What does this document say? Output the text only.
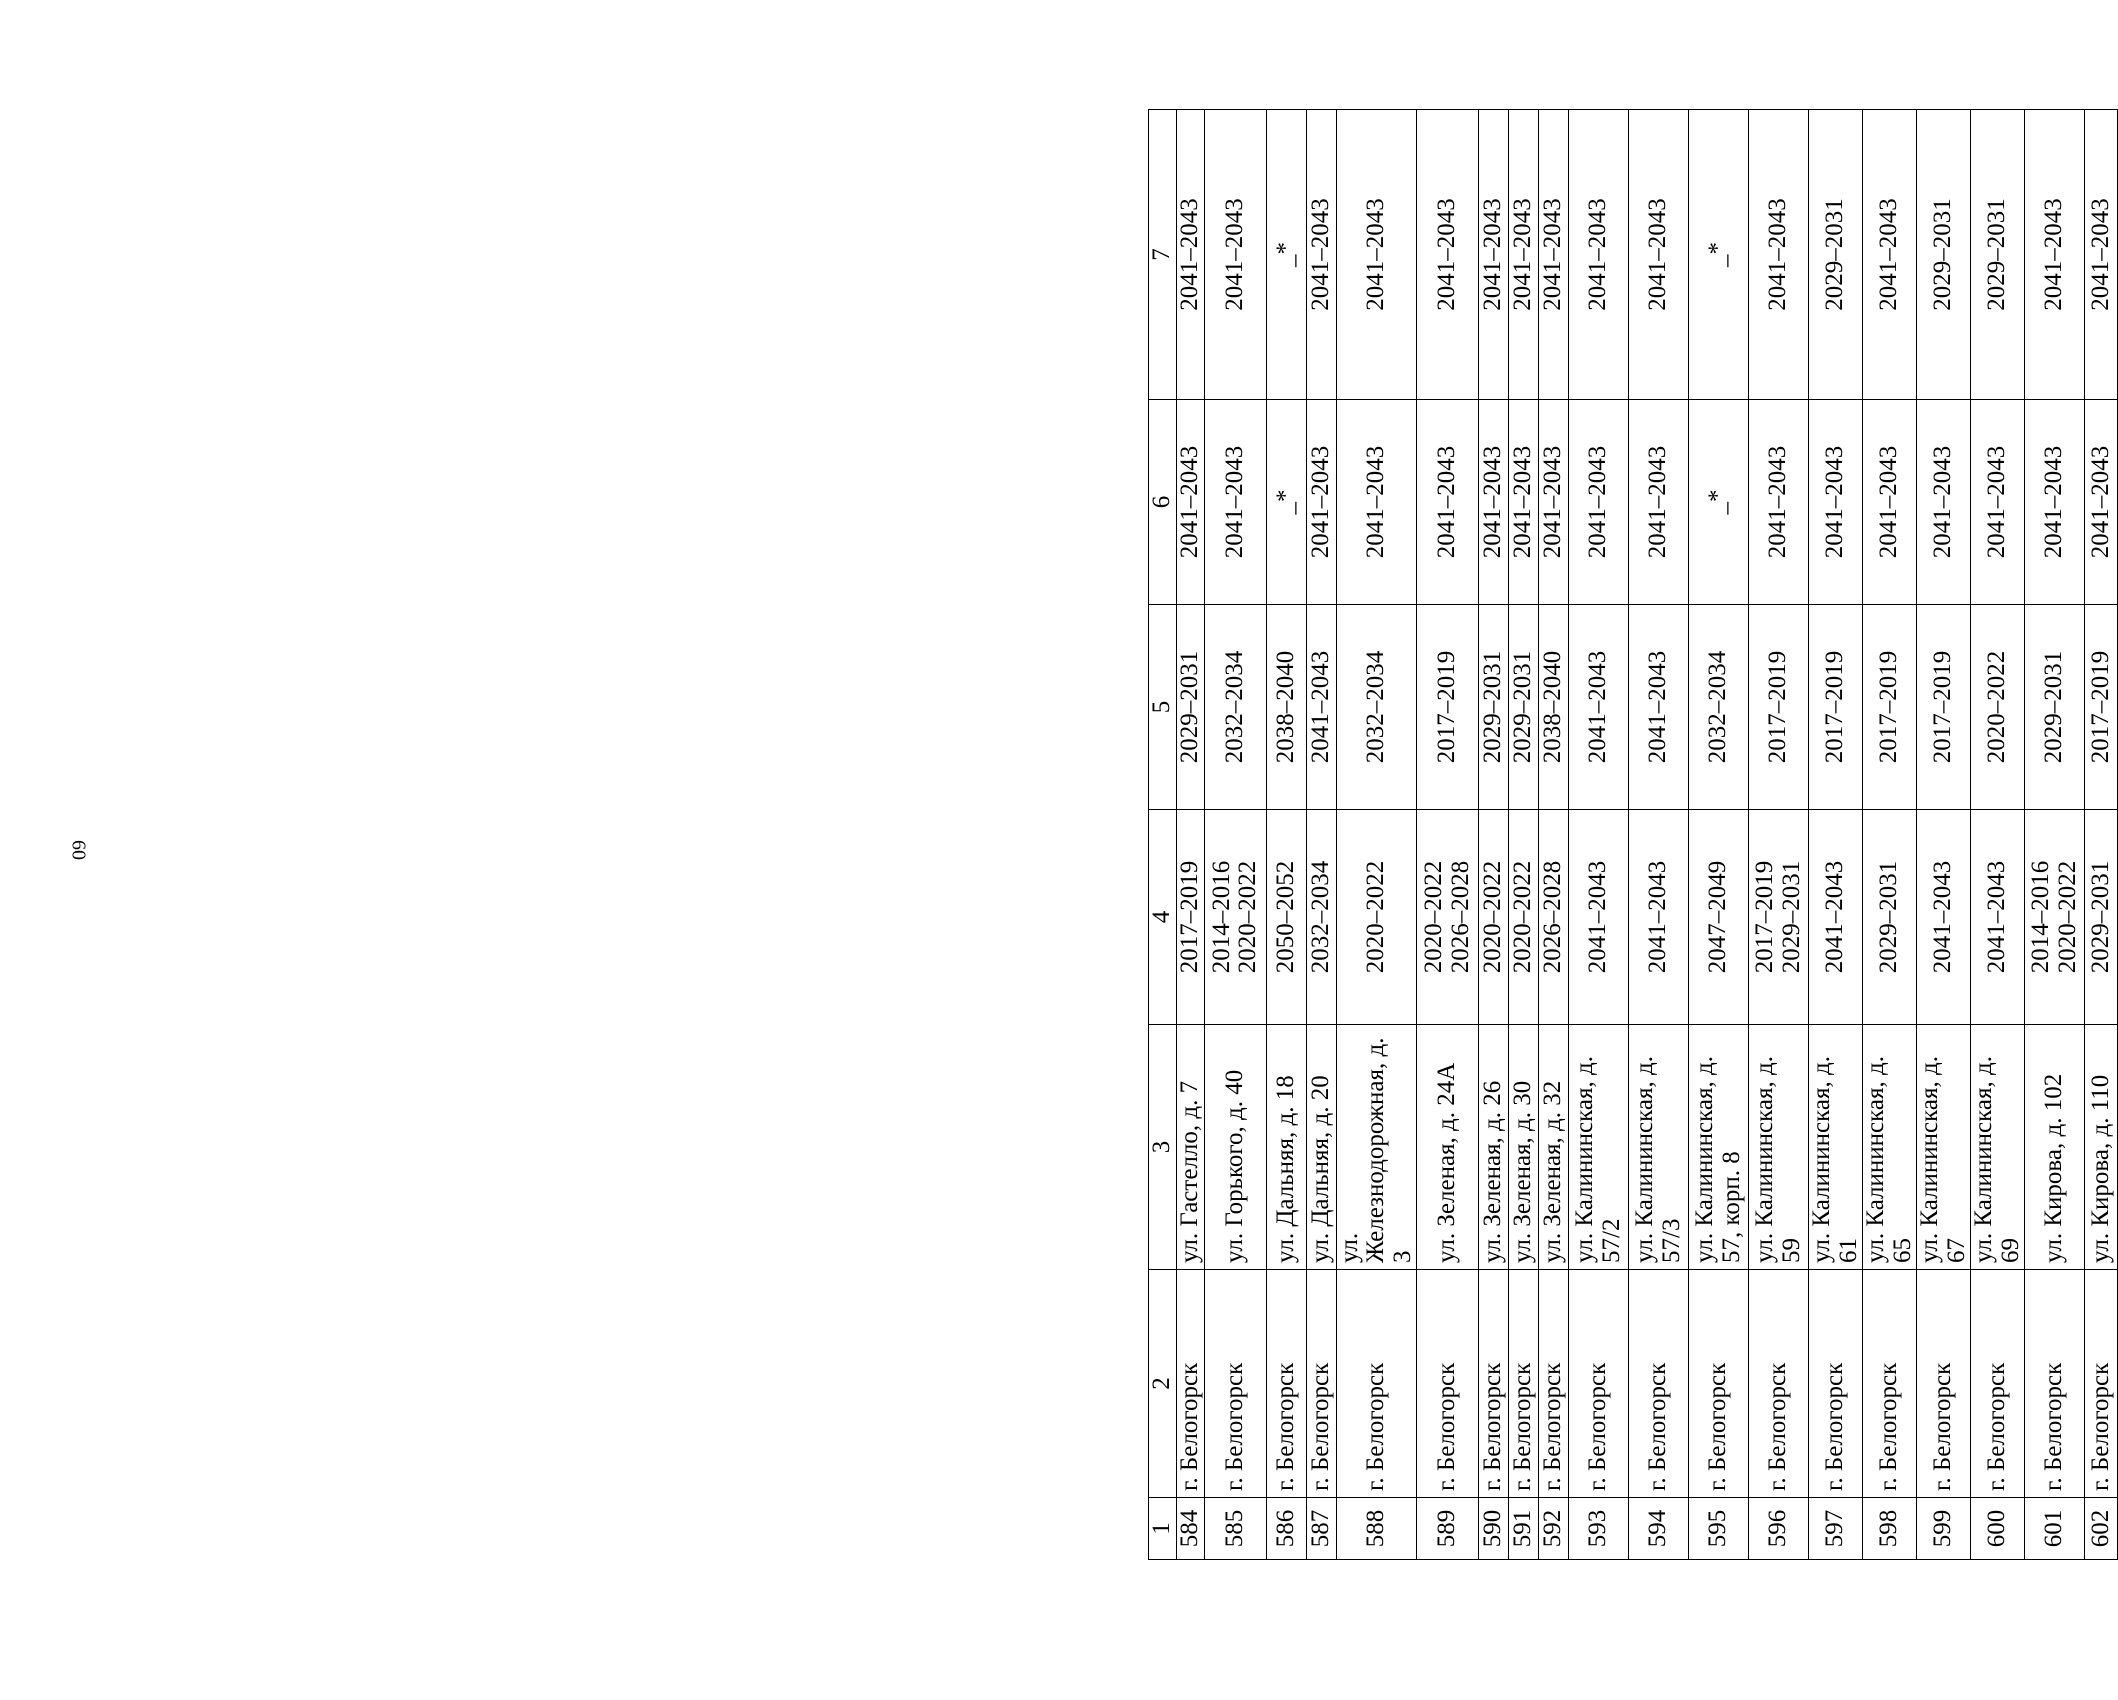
60
1	2	3	4	5	6	7
584	г. Белогорск	ул. Гастелло, д. 7	2017–2019	2029–2031	2041–2043	2041–2043
585	г. Белогорск	ул. Горького, д. 40	2014–2016 2020–2022	2032–2034	2041–2043	2041–2043
586	г. Белогорск	ул. Дальняя, д. 18	2050–2052	2038–2040	_*	_*
587	г. Белогорск	ул. Дальняя, д. 20	2032–2034	2041–2043	2041–2043	2041–2043
588	г. Белогорск	ул. Железнодорожная, д. 3	2020–2022	2032–2034	2041–2043	2041–2043
589	г. Белогорск	ул. Зеленая, д. 24А	2020–2022 2026–2028	2017–2019	2041–2043	2041–2043
590	г. Белогорск	ул. Зеленая, д. 26	2020–2022	2029–2031	2041–2043	2041–2043
591	г. Белогорск	ул. Зеленая, д. 30	2020–2022	2029–2031	2041–2043	2041–2043
592	г. Белогорск	ул. Зеленая, д. 32	2026–2028	2038–2040	2041–2043	2041–2043
593	г. Белогорск	ул. Калининская, д. 57/2	2041–2043	2041–2043	2041–2043	2041–2043
594	г. Белогорск	ул. Калининская, д. 57/3	2041–2043	2041–2043	2041–2043	2041–2043
595	г. Белогорск	ул. Калининская, д. 57, корп. 8	2047–2049	2032–2034	_*	_*
596	г. Белогорск	ул. Калининская, д. 59	2017–2019 2029–2031	2017–2019	2041–2043	2041–2043
597	г. Белогорск	ул. Калининская, д. 61	2041–2043	2017–2019	2041–2043	2029–2031
598	г. Белогорск	ул. Калининская, д. 65	2029–2031	2017–2019	2041–2043	2041–2043
599	г. Белогорск	ул. Калининская, д. 67	2041–2043	2017–2019	2041–2043	2029–2031
600	г. Белогорск	ул. Калининская, д. 69	2041–2043	2020–2022	2041–2043	2029–2031
601	г. Белогорск	ул. Кирова, д. 102	2014–2016 2020–2022	2029–2031	2041–2043	2041–2043
602	г. Белогорск	ул. Кирова, д. 110	2029–2031	2017–2019	2041–2043	2041–2043
